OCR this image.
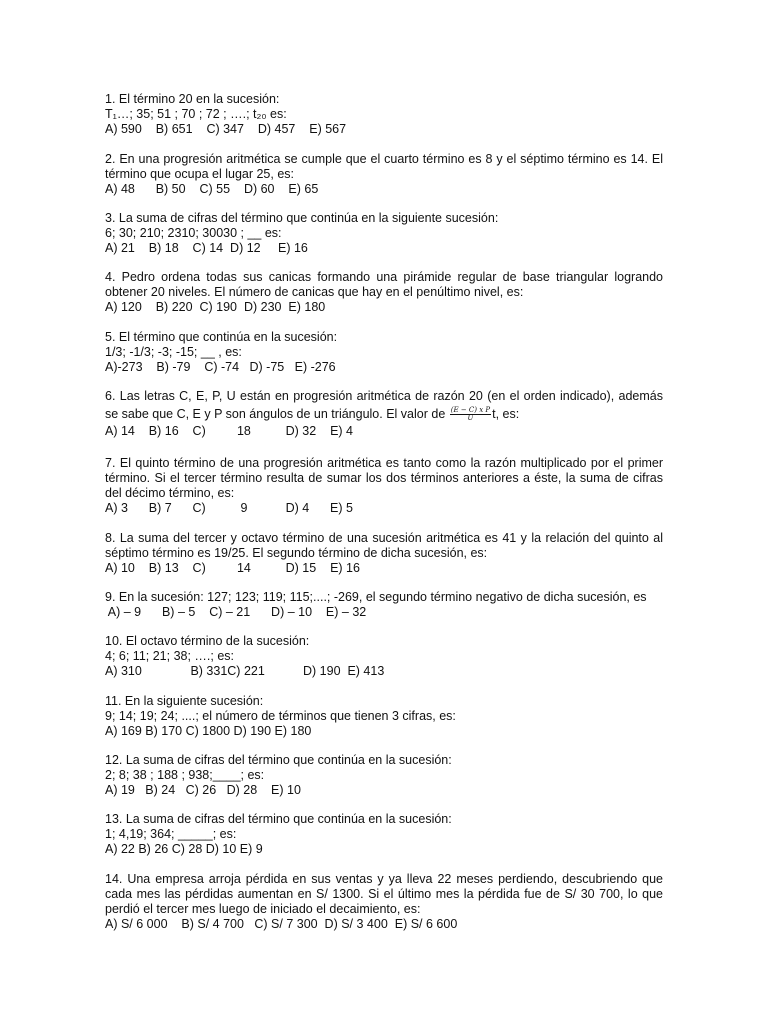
1. El término 20 en la sucesión:
T₁…; 35; 51 ; 70 ; 72 ; ….; t₂₀ es:
A) 590    B) 651    C) 347    D) 457    E) 567
2. En una progresión aritmética se cumple que el cuarto término es 8 y el séptimo término es 14. El
término que ocupa el lugar 25, es:
A) 48      B) 50    C) 55    D) 60    E) 65
3. La suma de cifras del término que continúa en la siguiente sucesión:
6; 30; 210; 2310; 30030 ; __ es:
A) 21    B) 18    C) 14  D) 12     E) 16
4. Pedro ordena todas sus canicas formando una pirámide regular de base triangular logrando
obtener 20 niveles. El número de canicas que hay en el penúltimo nivel, es:
A) 120    B) 220  C) 190  D) 230  E) 180
5. El término que continúa en la sucesión:
1/3; -1/3; -3; -15; __ , es:
A)-273    B) -79    C) -74   D) -75   E) -276
6. Las letras C, E, P, U están en progresión aritmética de razón 20 (en el orden indicado), además
se sabe que C, E y P son ángulos de un triángulo. El valor de $\frac{\text{(E − C) x P}}{U} t$, es:
A) 14    B) 16    C)         18          D) 32    E) 4
7. El quinto término de una progresión aritmética es tanto como la razón multiplicado por el primer
término. Si el tercer término resulta de sumar los dos términos anteriores a éste, la suma de cifras
del décimo término, es:
A) 3      B) 7      C)          9           D) 4      E) 5
8. La suma del tercer y octavo término de una sucesión aritmética es 41 y la relación del quinto al
séptimo término es 19/25. El segundo término de dicha sucesión, es:
A) 10    B) 13    C)         14          D) 15    E) 16
9. En la sucesión: 127; 123; 119; 115;....; -269, el segundo término negativo de dicha sucesión, es
A) – 9      B) – 5    C) – 21      D) – 10    E) – 32
10. El octavo término de la sucesión:
4; 6; 11; 21; 38; ….; es:
A) 310              B) 331C) 221           D) 190  E) 413
11. En la siguiente sucesión:
9; 14; 19; 24; ....; el número de términos que tienen 3 cifras, es:
A) 169 B) 170 C) 1800 D) 190 E) 180
12. La suma de cifras del término que continúa en la sucesión:
2; 8; 38 ; 188 ; 938;____; es:
A) 19   B) 24   C) 26   D) 28    E) 10
13. La suma de cifras del término que continúa en la sucesión:
1; 4,19; 364; _____; es:
A) 22 B) 26 C) 28 D) 10 E) 9
14. Una empresa arroja pérdida en sus ventas y ya lleva 22 meses perdiendo, descubriendo que
cada mes las pérdidas aumentan en S/ 1300. Si el último mes la pérdida fue de S/ 30 700, lo que
perdió el tercer mes luego de iniciado el decaimiento, es:
A) S/ 6 000    B) S/ 4 700   C) S/ 7 300  D) S/ 3 400  E) S/ 6 600
